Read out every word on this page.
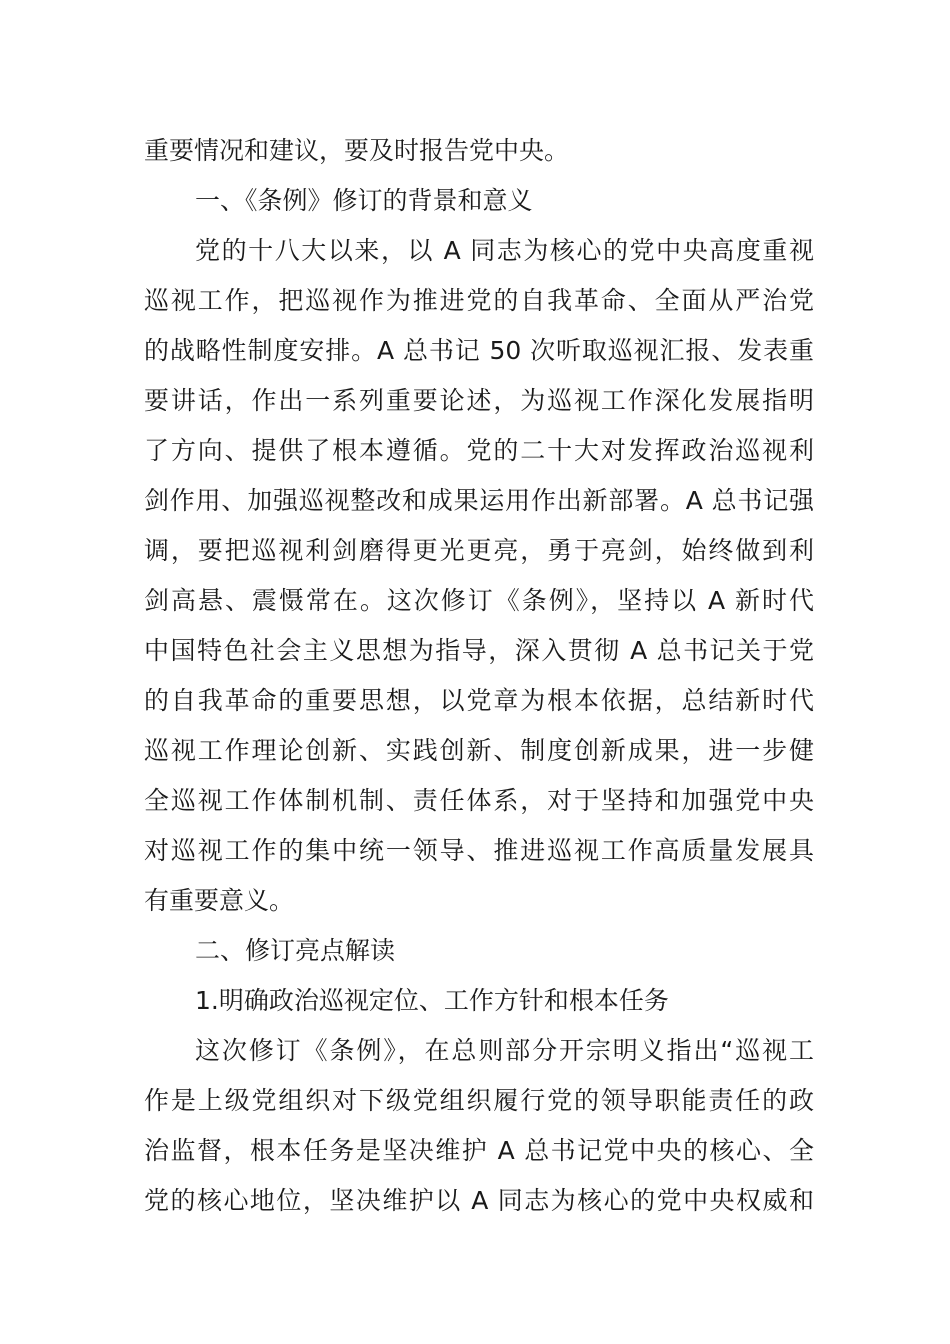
重要情况和建议，要及时报告党中央。
一、《条例》修订的背景和意义
党的十八大以来，以 A 同志为核心的党中央高度重视
巡视工作，把巡视作为推进党的自我革命、全面从严治党
的战略性制度安排。A 总书记 50 次听取巡视汇报、发表重
要讲话，作出一系列重要论述，为巡视工作深化发展指明
了方向、提供了根本遵循。党的二十大对发挥政治巡视利
剑作用、加强巡视整改和成果运用作出新部署。A 总书记强
调，要把巡视利剑磨得更光更亮，勇于亮剑，始终做到利
剑高悬、震慑常在。这次修订《条例》，坚持以 A 新时代
中国特色社会主义思想为指导，深入贯彻 A 总书记关于党
的自我革命的重要思想，以党章为根本依据，总结新时代
巡视工作理论创新、实践创新、制度创新成果，进一步健
全巡视工作体制机制、责任体系，对于坚持和加强党中央
对巡视工作的集中统一领导、推进巡视工作高质量发展具
有重要意义。
二、修订亮点解读
1.明确政治巡视定位、工作方针和根本任务
这次修订《条例》，在总则部分开宗明义指出“巡视工
作是上级党组织对下级党组织履行党的领导职能责任的政
治监督，根本任务是坚决维护 A 总书记党中央的核心、全
党的核心地位，坚决维护以 A 同志为核心的党中央权威和
